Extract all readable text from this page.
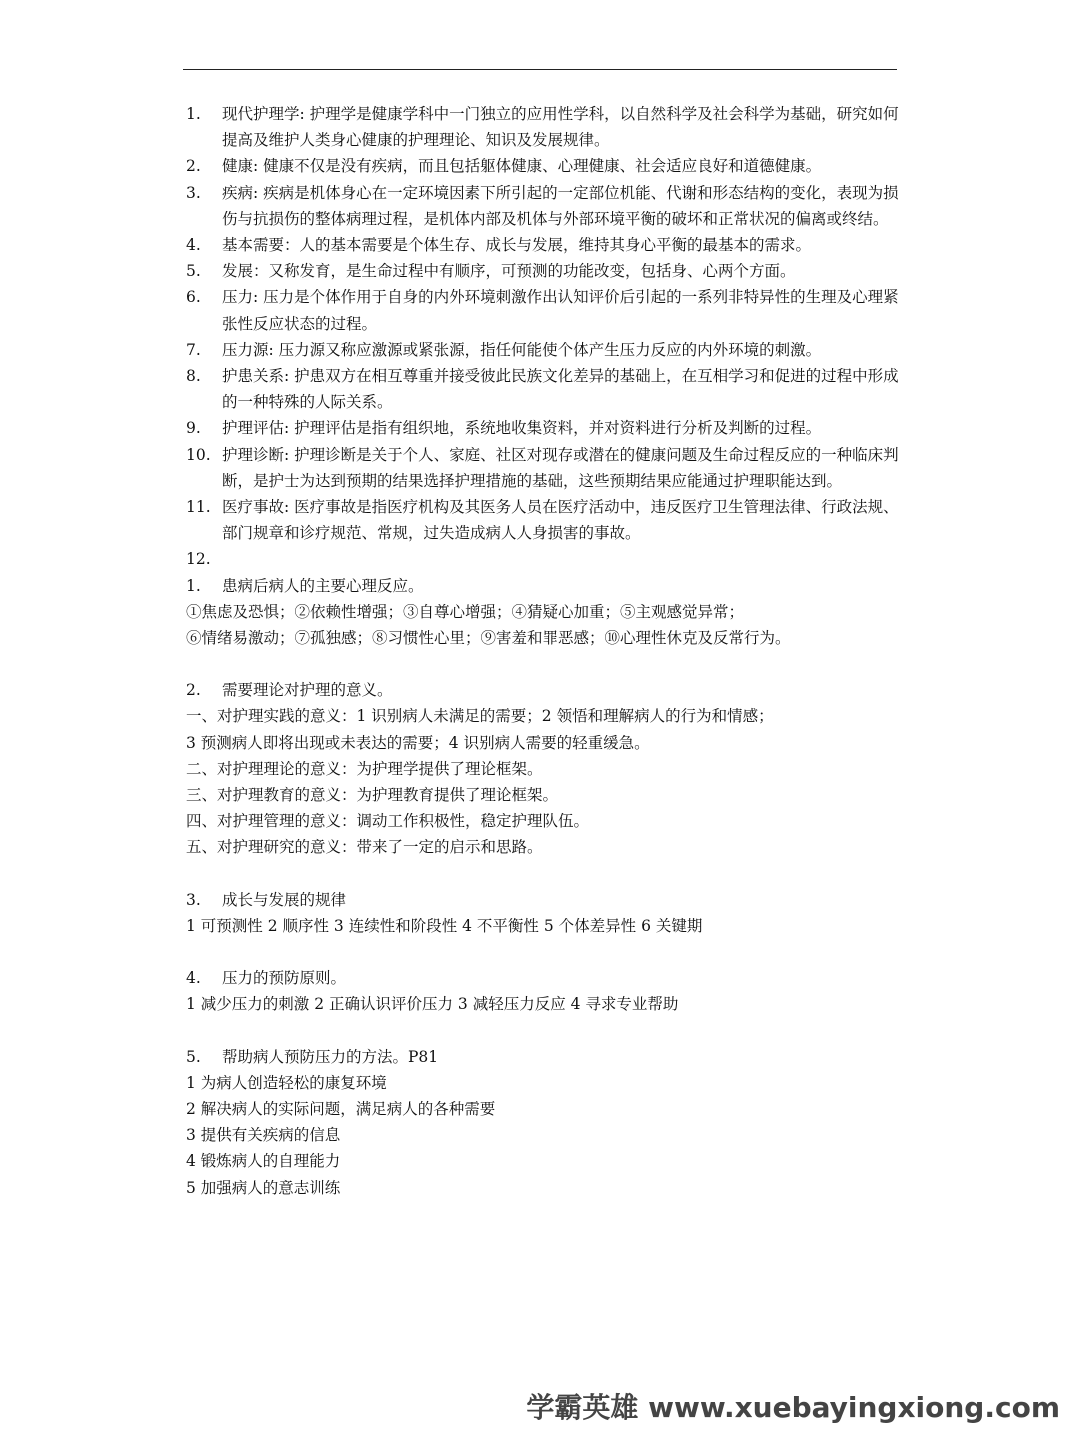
1.	现代护理学: 护理学是健康学科中一门独立的应用性学科，以自然科学及社会科学为基础，研究如何提高及维护人类身心健康的护理理论、知识及发展规律。
2.	健康: 健康不仅是没有疾病，而且包括躯体健康、心理健康、社会适应良好和道德健康。
3.	疾病: 疾病是机体身心在一定环境因素下所引起的一定部位机能、代谢和形态结构的变化，表现为损伤与抗损伤的整体病理过程，是机体内部及机体与外部环境平衡的破坏和正常状况的偏离或终结。
4.	基本需要：人的基本需要是个体生存、成长与发展，维持其身心平衡的最基本的需求。
5.	发展：又称发育，是生命过程中有顺序，可预测的功能改变，包括身、心两个方面。
6.	压力: 压力是个体作用于自身的内外环境刺激作出认知评价后引起的一系列非特异性的生理及心理紧张性反应状态的过程。
7.	压力源: 压力源又称应激源或紧张源，指任何能使个体产生压力反应的内外环境的刺激。
8.	护患关系: 护患双方在相互尊重并接受彼此民族文化差异的基础上，在互相学习和促进的过程中形成的一种特殊的人际关系。
9.	护理评估: 护理评估是指有组织地，系统地收集资料，并对资料进行分析及判断的过程。
10. 护理诊断: 护理诊断是关于个人、家庭、社区对现存或潜在的健康问题及生命过程反应的一种临床判断，是护士为达到预期的结果选择护理措施的基础，这些预期结果应能通过护理职能达到。
11. 医疗事故: 医疗事故是指医疗机构及其医务人员在医疗活动中，违反医疗卫生管理法律、行政法规、部门规章和诊疗规范、常规，过失造成病人人身损害的事故。
12.

1.	患病后病人的主要心理反应。
①焦虑及恐惧；②依赖性增强；③自尊心增强；④猜疑心加重；⑤主观感觉异常；
⑥情绪易激动；⑦孤独感；⑧习惯性心里；⑨害羞和罪恶感；⑩心理性休克及反常行为。
2.	需要理论对护理的意义。
一、对护理实践的意义：1 识别病人未满足的需要；2 领悟和理解病人的行为和情感；
3 预测病人即将出现或未表达的需要；4 识别病人需要的轻重缓急。
二、对护理理论的意义：为护理学提供了理论框架。
三、对护理教育的意义：为护理教育提供了理论框架。
四、对护理管理的意义：调动工作积极性，稳定护理队伍。
五、对护理研究的意义：带来了一定的启示和思路。
3.	成长与发展的规律
1 可预测性 2 顺序性 3 连续性和阶段性 4 不平衡性 5 个体差异性 6 关键期
4.	压力的预防原则。
1 减少压力的刺激 2 正确认识评价压力 3 减轻压力反应 4 寻求专业帮助
5.	帮助病人预防压力的方法。P81
1 为病人创造轻松的康复环境
2 解决病人的实际问题，满足病人的各种需要
3 提供有关疾病的信息
4 锻炼病人的自理能力
5 加强病人的意志训练
学霸英雄 www.xuebayingxiong.com
